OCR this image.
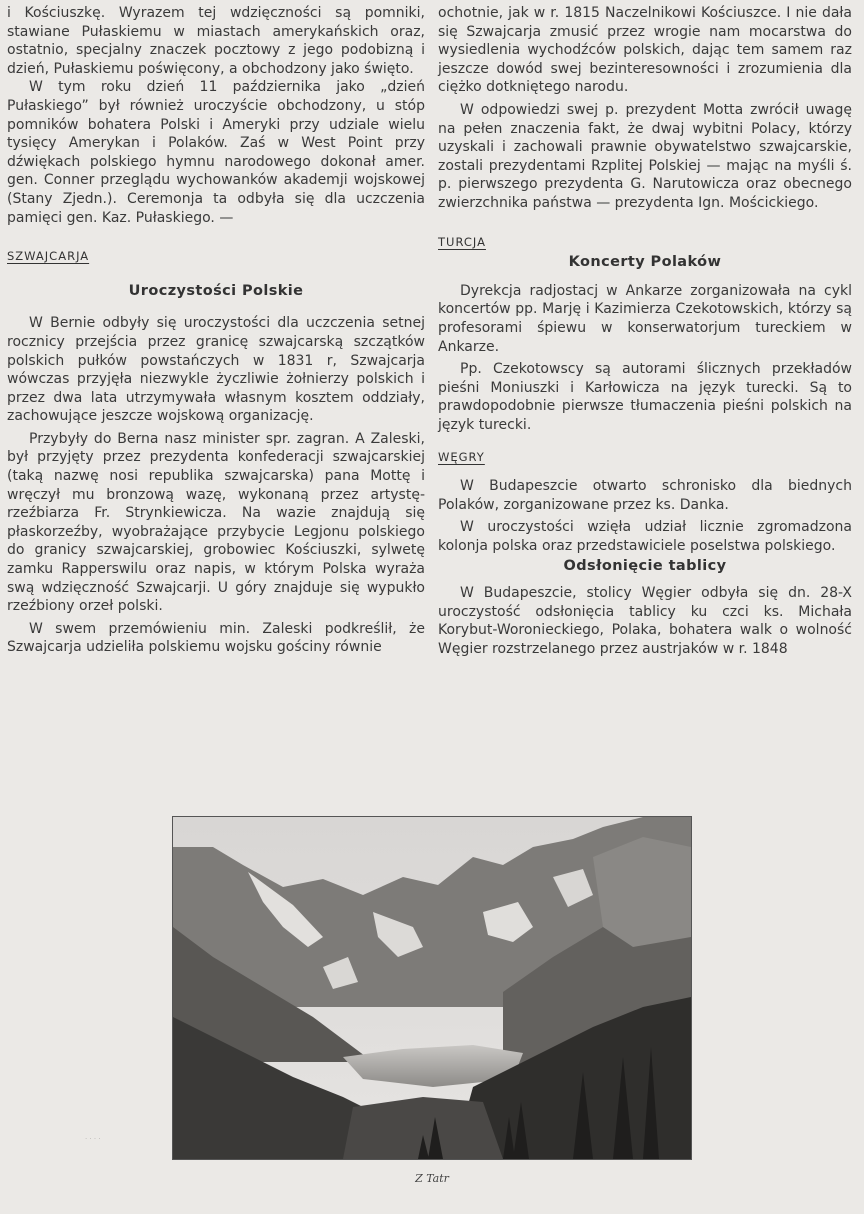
i Kościuszkę. Wyrazem tej wdzięczności są pomniki, stawiane Pułaskiemu w miastach amerykańskich oraz, ostatnio, specjalny znaczek pocztowy z jego podobizną i dzień, Pułaskiemu poświęcony, a obchodzony jako święto.

W tym roku dzień 11 października jako „dzień Pułaskiego” był również uroczyście obchodzony, u stóp pomników bohatera Polski i Ameryki przy udziale wielu tysięcy Amerykan i Polaków. Zaś w West Point przy dźwiękach polskiego hymnu narodowego dokonał amer. gen. Conner przeglądu wychowanków akademji wojskowej (Stany Zjedn.). Ceremonja ta odbyła się dla uczczenia pamięci gen. Kaz. Pułaskiego. —

SZWAJCARJA
Uroczystości Polskie

W Bernie odbyły się uroczystości dla uczczenia setnej rocznicy przejścia przez granicę szwajcarską szczątków polskich pułków powstańczych w 1831 r, Szwajcarja wówczas przyjęła niezwykle życzliwie żołnierzy polskich i przez dwa lata utrzymywała własnym kosztem oddziały, zachowujące jeszcze wojskową organizację.

Przybyły do Berna nasz minister spr. zagran. A Zaleski, był przyjęty przez prezydenta konfederacji szwajcarskiej (taką nazwę nosi republika szwajcarska) pana Mottę i wręczył mu bronzową wazę, wykonaną przez artystę-rzeźbiarza Fr. Strynkiewicza. Na wazie znajdują się płaskorzeźby, wyobrażające przybycie Legjonu polskiego do granicy szwajcarskiej, grobowiec Kościuszki, sylwetę zamku Rapperswilu oraz napis, w którym Polska wyraża swą wdzięczność Szwajcarji. U góry znajduje się wypukło rzeźbiony orzeł polski.

W swem przemówieniu min. Zaleski podkreślił, że Szwajcarja udzieliła polskiemu wojsku gościny równie

ochotnie, jak w r. 1815 Naczelnikowi Kościuszce. I nie dała się Szwajcarja zmusić przez wrogie nam mocarstwa do wysiedlenia wychodźców polskich, dając tem samem raz jeszcze dowód swej bezinteresowności i zrozumienia dla ciężko dotkniętego narodu.

W odpowiedzi swej p. prezydent Motta zwrócił uwagę na pełen znaczenia fakt, że dwaj wybitni Polacy, którzy uzyskali i zachowali prawnie obywatelstwo szwajcarskie, zostali prezydentami Rzplitej Polskiej — mając na myśli ś. p. pierwszego prezydenta G. Narutowicza oraz obecnego zwierzchnika państwa — prezydenta Ign. Mościckiego.

TURCJA
Koncerty Polaków

Dyrekcja radjostacj w Ankarze zorganizowała na cykl koncertów pp. Marję i Kazimierza Czekotowskich, którzy są profesorami śpiewu w konserwatorjum tureckiem w Ankarze.

Pp. Czekotowscy są autorami ślicznych przekładów pieśni Moniuszki i Karłowicza na język turecki. Są to prawdopodobnie pierwsze tłumaczenia pieśni polskich na język turecki.

WĘGRY

W Budapeszcie otwarto schronisko dla biednych Polaków, zorganizowane przez ks. Danka.

W uroczystości wzięła udział licznie zgromadzona kolonja polska oraz przedstawiciele poselstwa polskiego.

Odsłonięcie tablicy

W Budapeszcie, stolicy Węgier odbyła się dn. 28-X uroczystość odsłonięcia tablicy ku czci ks. Michała Korybut-Woronieckiego, Polaka, bohatera walk o wolność Węgier rozstrzelanego przez austrjaków w r. 1848

· · · ·
Z Tatr
